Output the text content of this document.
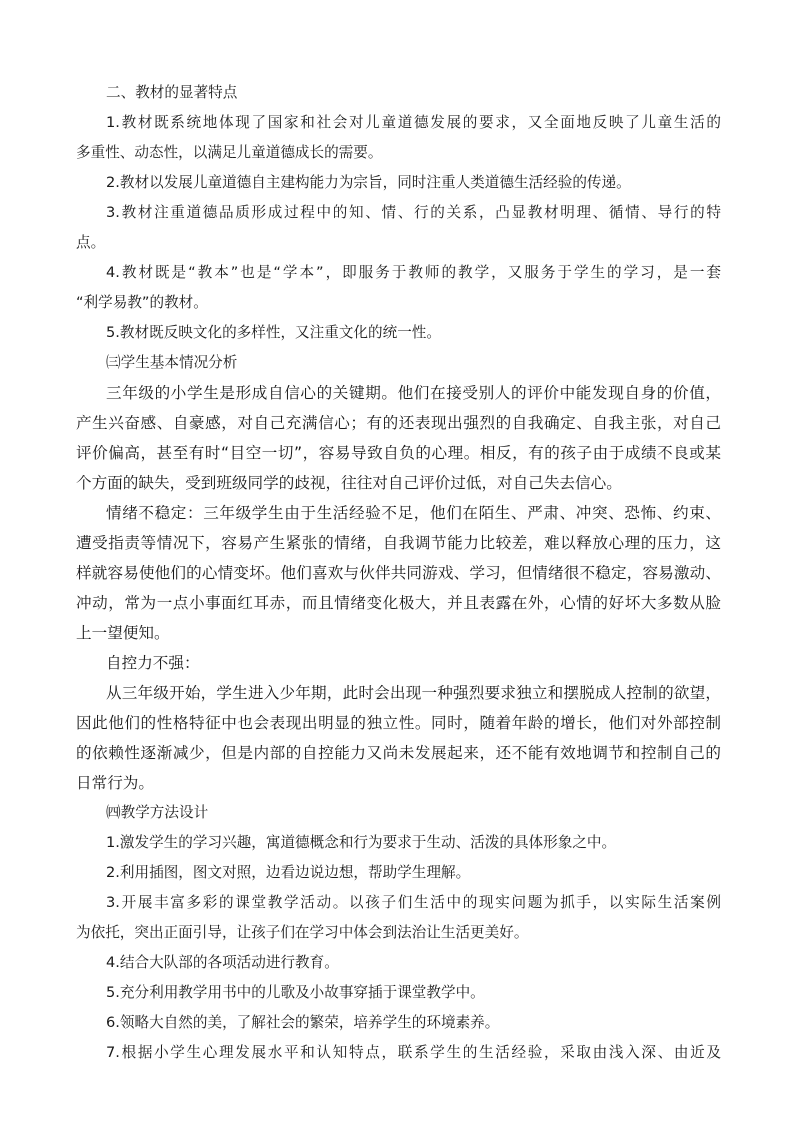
二、教材的显著特点
1.教材既系统地体现了国家和社会对儿童道德发展的要求，又全面地反映了儿童生活的
多重性、动态性，以满足儿童道德成长的需要。
2.教材以发展儿童道德自主建构能力为宗旨，同时注重人类道德生活经验的传递。
3.教材注重道德品质形成过程中的知、情、行的关系，凸显教材明理、循情、导行的特
点。
4.教材既是“教本”也是“学本”，即服务于教师的教学，又服务于学生的学习，是一套
“利学易教”的教材。
5.教材既反映文化的多样性，又注重文化的统一性。
㈢学生基本情况分析
三年级的小学生是形成自信心的关键期。他们在接受别人的评价中能发现自身的价值，
产生兴奋感、自豪感，对自己充满信心；有的还表现出强烈的自我确定、自我主张，对自己
评价偏高，甚至有时“目空一切”，容易导致自负的心理。相反，有的孩子由于成绩不良或某
个方面的缺失，受到班级同学的歧视，往往对自己评价过低，对自己失去信心。
情绪不稳定：三年级学生由于生活经验不足，他们在陌生、严肃、冲突、恐怖、约束、
遭受指责等情况下，容易产生紧张的情绪，自我调节能力比较差，难以释放心理的压力，这
样就容易使他们的心情变坏。他们喜欢与伙伴共同游戏、学习，但情绪很不稳定，容易激动、
冲动，常为一点小事面红耳赤，而且情绪变化极大，并且表露在外，心情的好坏大多数从脸
上一望便知。
自控力不强：
从三年级开始，学生进入少年期，此时会出现一种强烈要求独立和摆脱成人控制的欲望，
因此他们的性格特征中也会表现出明显的独立性。同时，随着年龄的增长，他们对外部控制
的依赖性逐渐减少，但是内部的自控能力又尚未发展起来，还不能有效地调节和控制自己的
日常行为。
㈣教学方法设计
1.激发学生的学习兴趣，寓道德概念和行为要求于生动、活泼的具体形象之中。
2.利用插图，图文对照，边看边说边想，帮助学生理解。
3.开展丰富多彩的课堂教学活动。以孩子们生活中的现实问题为抓手，以实际生活案例
为依托，突出正面引导，让孩子们在学习中体会到法治让生活更美好。
4.结合大队部的各项活动进行教育。
5.充分利用教学用书中的儿歌及小故事穿插于课堂教学中。
6.领略大自然的美，了解社会的繁荣，培养学生的环境素养。
7.根据小学生心理发展水平和认知特点，联系学生的生活经验，采取由浅入深、由近及
